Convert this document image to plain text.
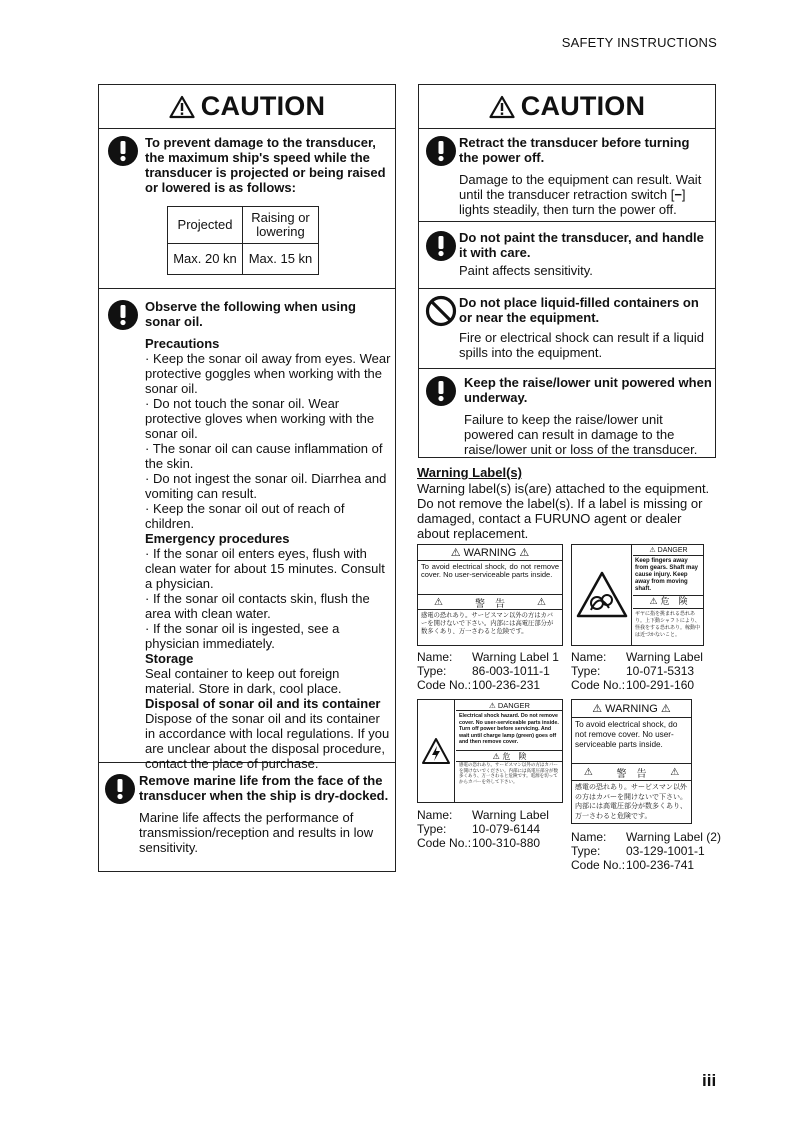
SAFETY INSTRUCTIONS
iii
CAUTION
To prevent damage to the transducer, the maximum ship's speed while the transducer is projected or being raised or lowered is as follows:
Projected	Raising or lowering
Max. 20 kn	Max. 15 kn
Observe the following when using sonar oil.
Precautions
· Keep the sonar oil away from eyes. Wear protective goggles when working with the sonar oil.
· Do not touch the sonar oil. Wear protective gloves when working with the sonar oil.
· The sonar oil can cause inflammation of the skin.
· Do not ingest the sonar oil. Diarrhea and vomiting can result.
· Keep the sonar oil out of reach of children.
Emergency procedures
· If the sonar oil enters eyes, flush with clean water for about 15 minutes. Consult a physician.
· If the sonar oil contacts skin, flush the area with clean water.
· If the sonar oil is ingested, see a physician immediately.
Storage
Seal container to keep out foreign material. Store in dark, cool place.
Disposal of sonar oil and its container
Dispose of the sonar oil and its container in accordance with local regulations. If you are unclear about the disposal procedure, contact the place of purchase.
Remove marine life from the face of the transducer when the ship is dry-docked.
Marine life affects the performance of transmission/reception and results in low sensitivity.
CAUTION
Retract the transducer before turning the power off.
Damage to the equipment can result. Wait until the transducer retraction switch [−] lights steadily, then turn the power off.
Do not paint the transducer, and handle it with care.
Paint affects sensitivity.
Do not place liquid-filled containers on or near the equipment.
Fire or electrical shock can result if a liquid spills into the equipment.
Keep the raise/lower unit powered when underway.
Failure to keep the raise/lower unit powered can result in damage to the raise/lower unit or loss of the transducer.
Warning Label(s)
Warning label(s) is(are) attached to the equipment. Do not remove the label(s). If a label is missing or damaged, contact a FURUNO agent or dealer about replacement.
⚠ WARNING ⚠
To avoid electrical shock, do not remove cover. No user-serviceable parts inside.
⚠	警　告	⚠
感電の恐れあり。サービスマン以外の方はカバーを開けないで下さい。内部には高電圧部分が数多くあり、万一さわると危険です。
Name:	Warning Label 1
Type:	86-003-1011-1
Code No.: 100-236-231
⚠ DANGER
Keep fingers away from gears. Shaft may cause injury. Keep away from moving shaft.
⚠ 危　険
ギヤに指を挑まれる恐れあり。上下動シャフトにより、怪我をする恐れあり。稼動中は近づかないこと。
Name:	Warning Label
Type:	10-071-5313
Code No.: 100-291-160
⚠ DANGER
Electrical shock hazard. Do not remove cover. No user-serviceable parts inside. Turn off power before servicing. And wait until charge lamp (green) goes off and then remove cover.
⚠ 危　険
感電の恐れあり。サービスマン以外の方はカバーを開けないでください。内部には高電圧部分が数多くあり、万一さわると危険です。電源を切ってからカバーを外して下さい。
Name:	Warning Label
Type:	10-079-6144
Code No.: 100-310-880
⚠ WARNING ⚠
To avoid electrical shock, do not remove cover. No user-serviceable parts inside.
⚠ 警　告 ⚠
感電の恐れあり。サービスマン以外の方はカバーを開けないで下さい。内部には高電圧部分が数多くあり、万一さわると危険です。
Name:	Warning Label (2)
Type:	03-129-1001-1
Code No.: 100-236-741
